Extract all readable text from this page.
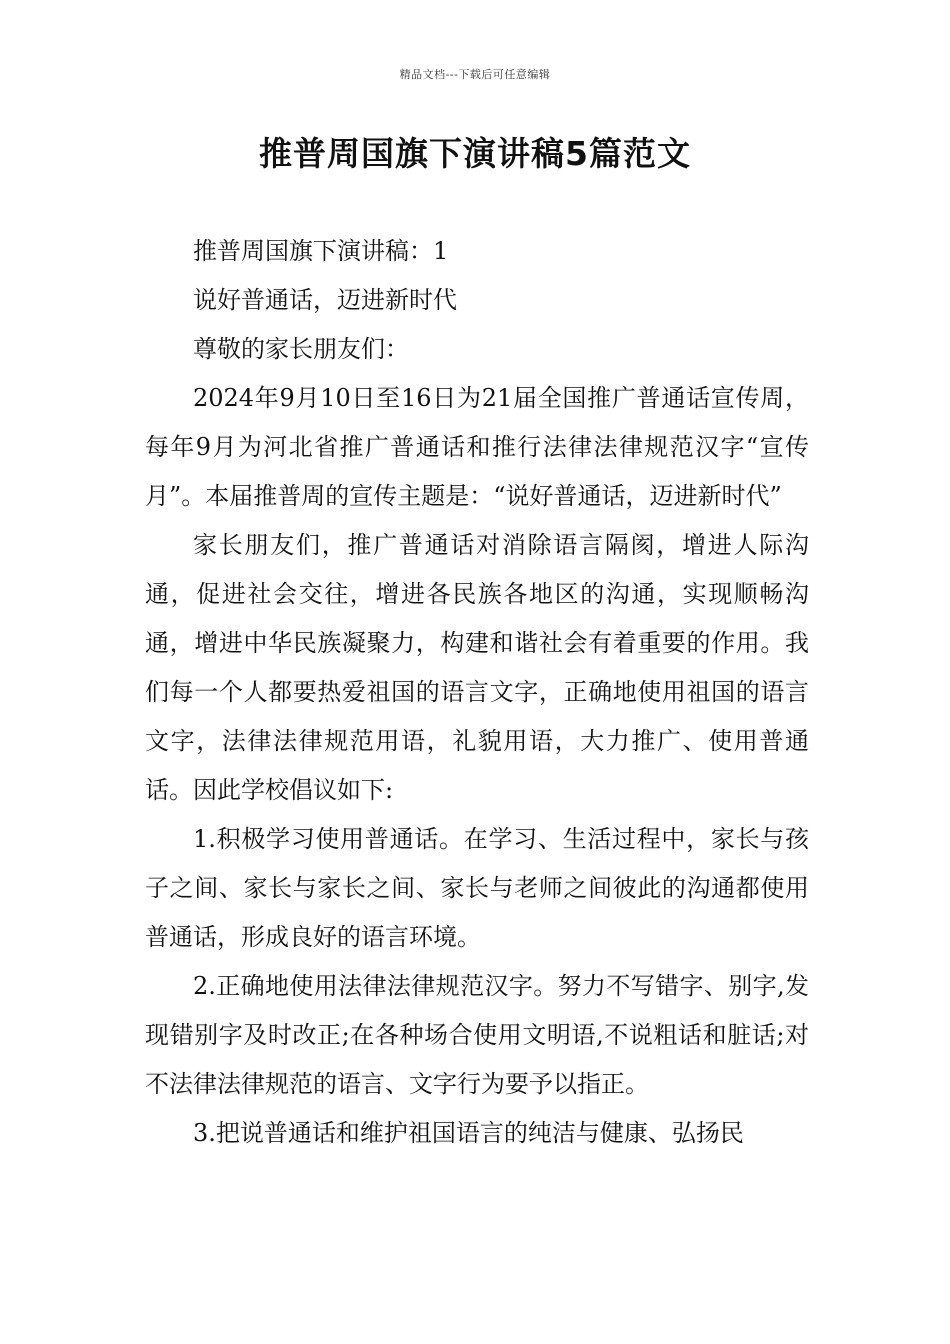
精品文档---下载后可任意编辑
推普周国旗下演讲稿5篇范文

推普周国旗下演讲稿：1

说好普通话，迈进新时代

尊敬的家长朋友们：

2024年9月10日至16日为21届全国推广普通话宣传周，每年9月为河北省推广普通话和推行法律法律规范汉字“宣传月”。本届推普周的宣传主题是：“说好普通话，迈进新时代”

家长朋友们，推广普通话对消除语言隔阂，增进人际沟通，促进社会交往，增进各民族各地区的沟通，实现顺畅沟通，增进中华民族凝聚力，构建和谐社会有着重要的作用。我们每一个人都要热爱祖国的语言文字，正确地使用祖国的语言文字，法律法律规范用语，礼貌用语，大力推广、使用普通话。因此学校倡议如下:

1.积极学习使用普通话。在学习、生活过程中，家长与孩子之间、家长与家长之间、家长与老师之间彼此的沟通都使用普通话，形成良好的语言环境。

2.正确地使用法律法律规范汉字。努力不写错字、别字,发现错别字及时改正;在各种场合使用文明语,不说粗话和脏话;对不法律法律规范的语言、文字行为要予以指正。

3.把说普通话和维护祖国语言的纯洁与健康、弘扬民
